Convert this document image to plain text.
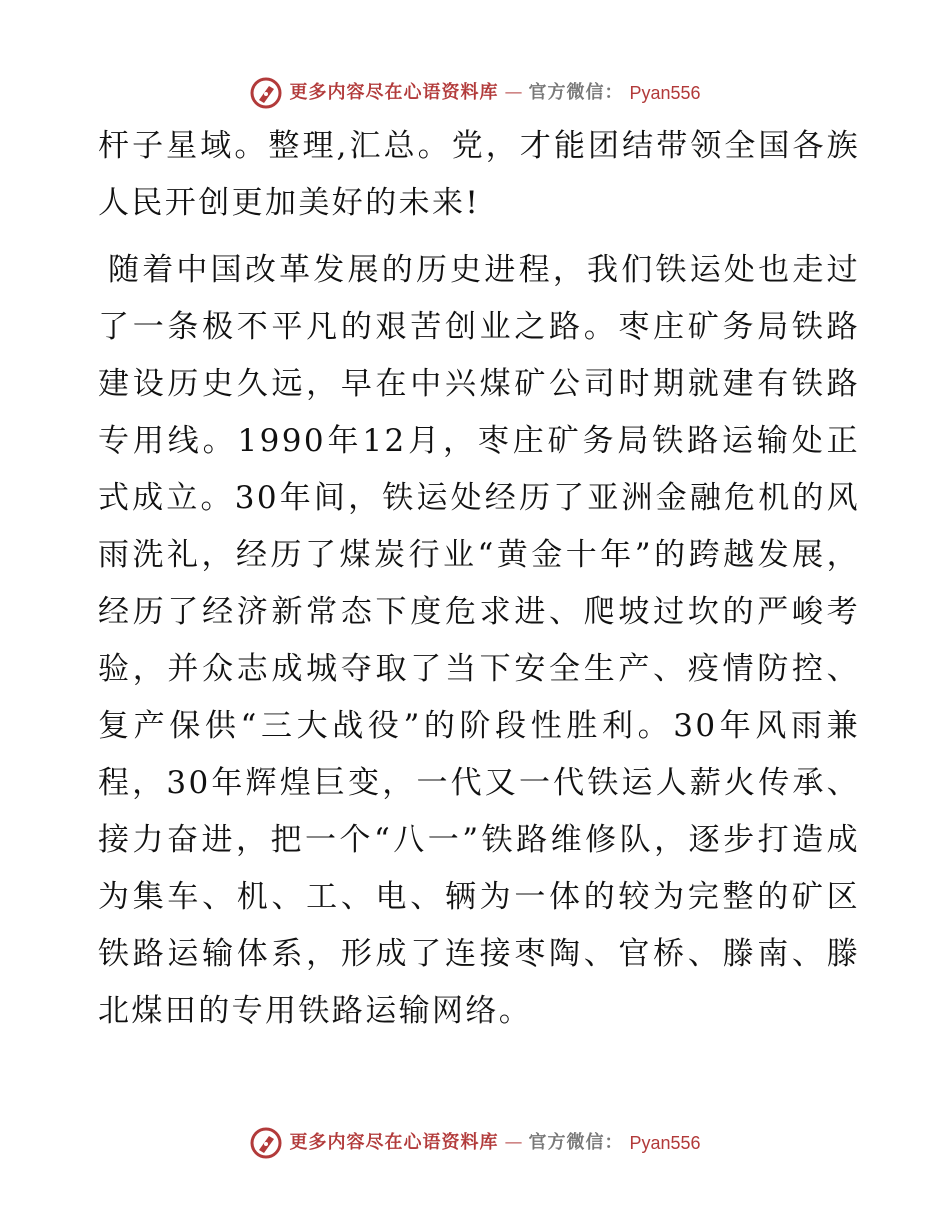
更多内容尽在心语资料库 — 官方微信： Pyan556

杆子星域。整理,汇总。党，才能团结带领全国各族人民开创更加美好的未来!

随着中国改革发展的历史进程，我们铁运处也走过了一条极不平凡的艰苦创业之路。枣庄矿务局铁路建设历史久远，早在中兴煤矿公司时期就建有铁路专用线。1990年12月，枣庄矿务局铁路运输处正式成立。30年间，铁运处经历了亚洲金融危机的风雨洗礼，经历了煤炭行业“黄金十年”的跨越发展，经历了经济新常态下度危求进、爬坡过坎的严峻考验，并众志成城夺取了当下安全生产、疫情防控、复产保供“三大战役”的阶段性胜利。30年风雨兼程，30年辉煌巨变，一代又一代铁运人薪火传承、接力奋进，把一个“八一”铁路维修队，逐步打造成为集车、机、工、电、辆为一体的较为完整的矿区铁路运输体系，形成了连接枣陶、官桥、滕南、滕北煤田的专用铁路运输网络。

更多内容尽在心语资料库 — 官方微信： Pyan556
